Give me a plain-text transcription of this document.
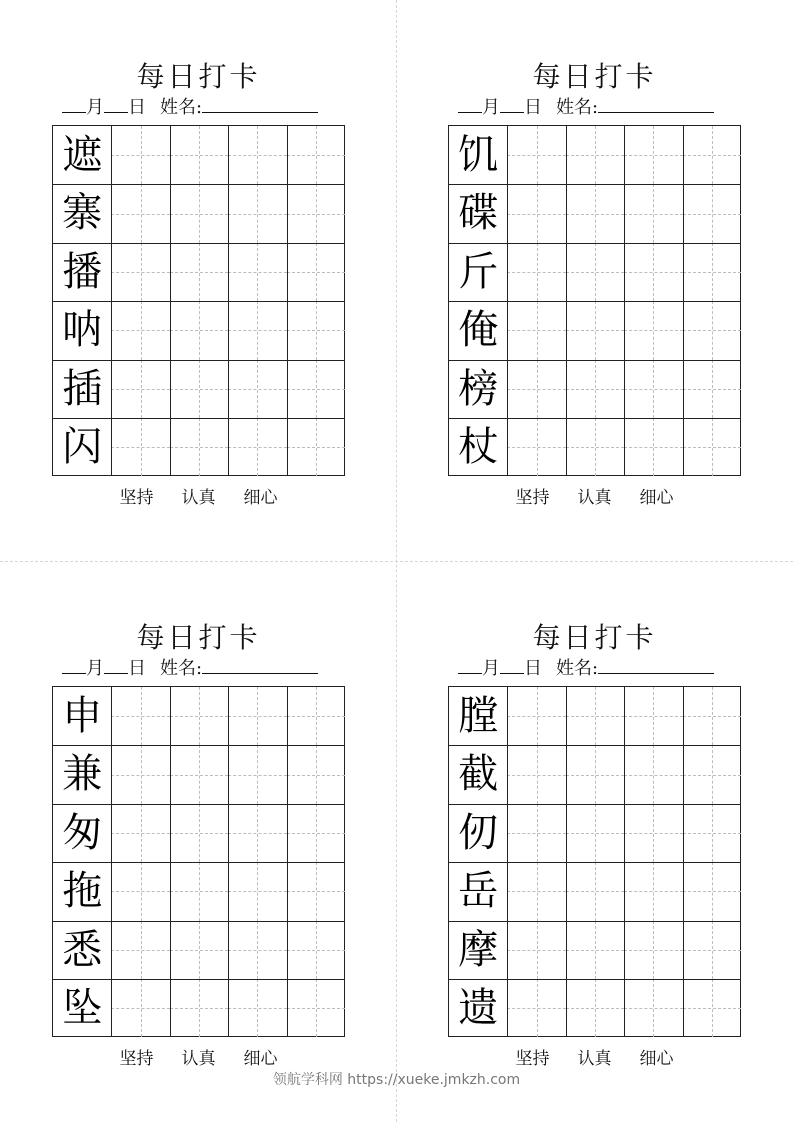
每日打卡
月 日 姓名:
遮
寨
播
呐
插
闪
坚持 认真 细心
每日打卡
月 日 姓名:
饥
碟
斤
俺
榜
杖
坚持 认真 细心
每日打卡
月 日 姓名:
申
兼
匆
拖
悉
坠
坚持 认真 细心
每日打卡
月 日 姓名:
膛
截
仞
岳
摩
遗
坚持 认真 细心
领航学科网 https://xueke.jmkzh.com
